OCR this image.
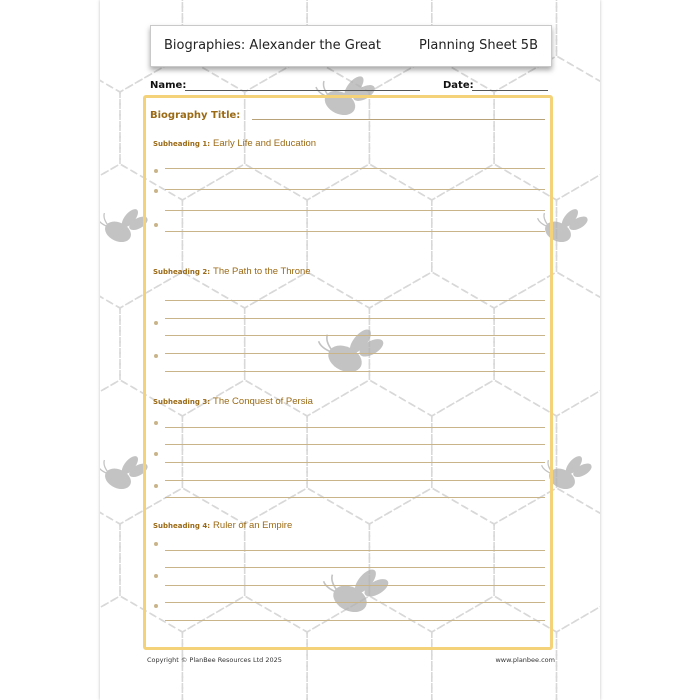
Biographies: Alexander the Great	Planning Sheet 5B
Name:	Date:
Biography Title:
Subheading 1: Early Life and Education
Subheading 2: The Path to the Throne
Subheading 3: The Conquest of Persia
Subheading 4: Ruler of an Empire
Copyright © PlanBee Resources Ltd 2025	www.planbee.com
